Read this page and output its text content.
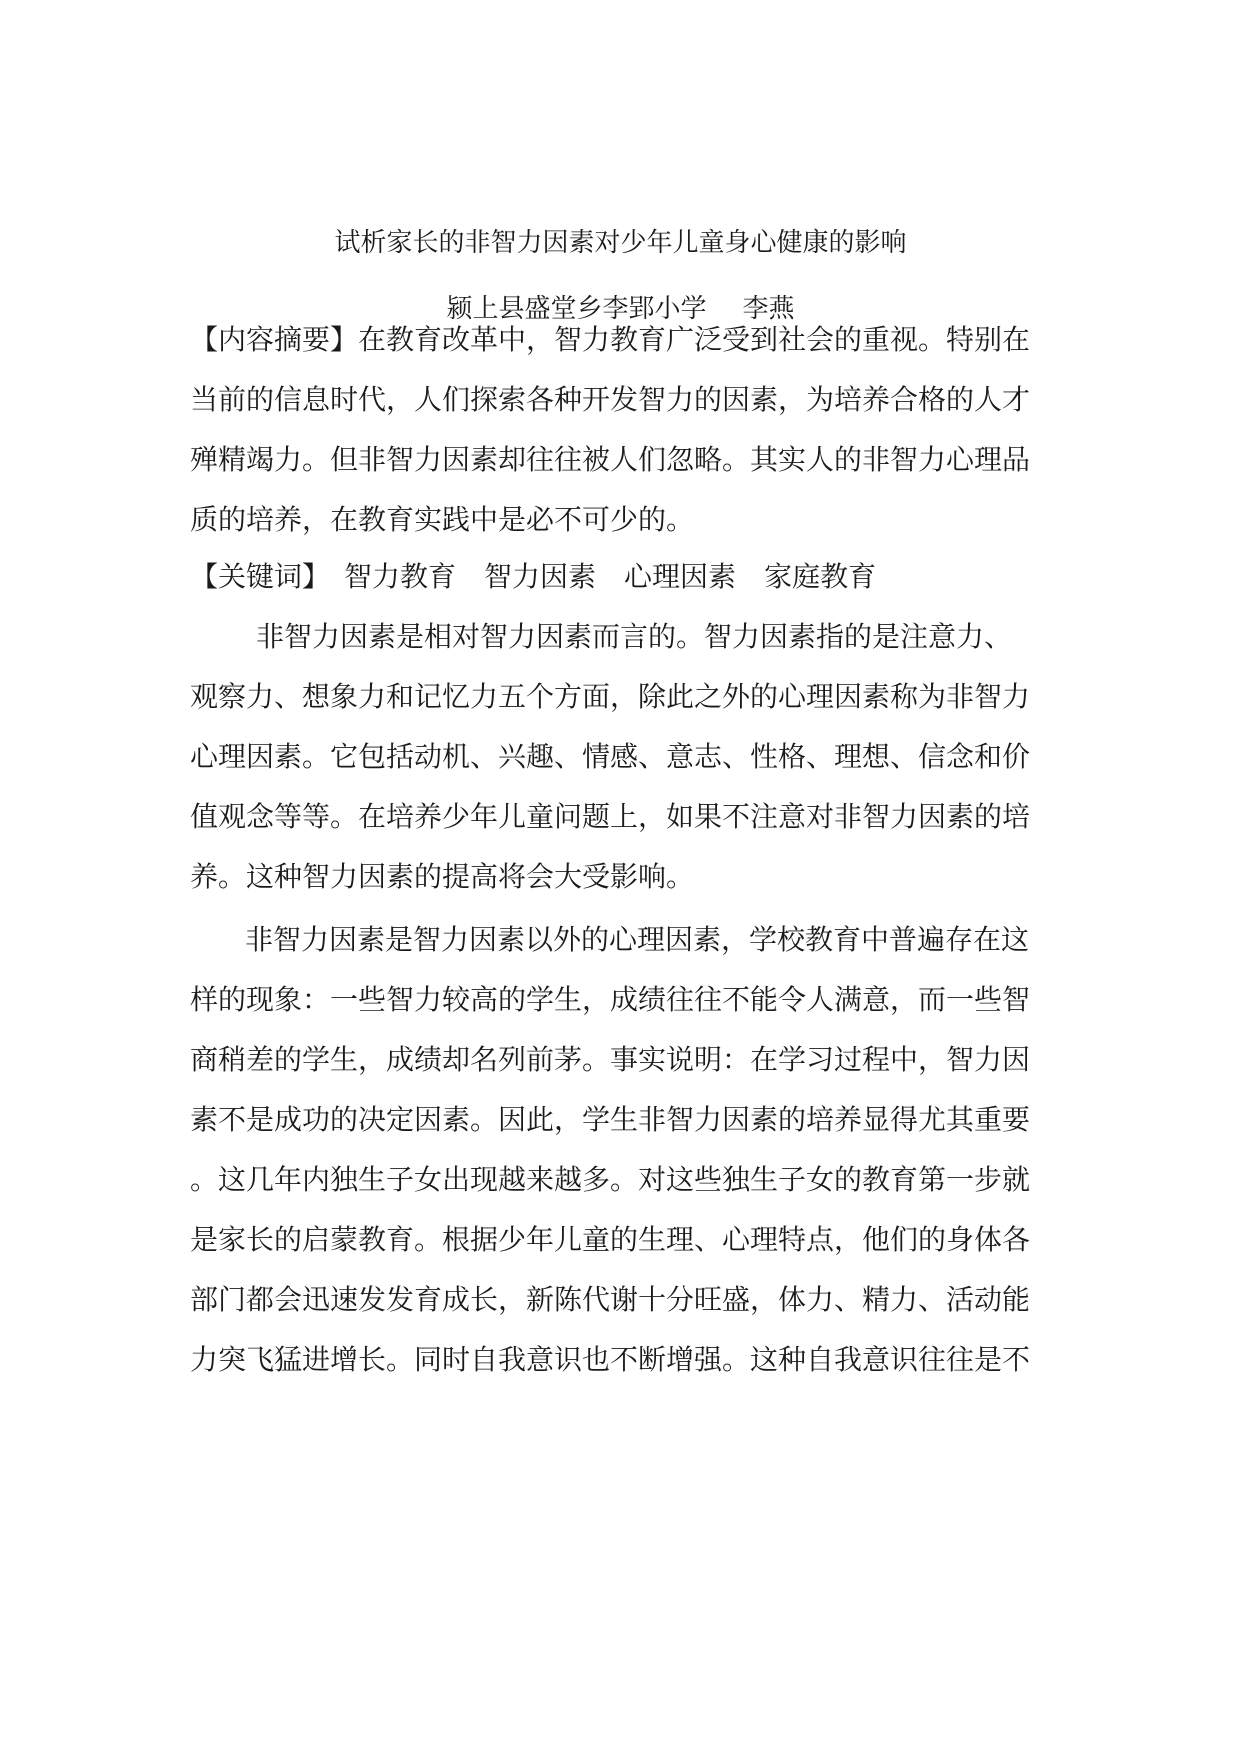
试析家长的非智力因素对少年儿童身心健康的影响
颍上县盛堂乡李郢小学 李燕
【内容摘要】在教育改革中，智力教育广泛受到社会的重视。特别在
当前的信息时代，人们探索各种开发智力的因素，为培养合格的人才
殚精竭力。但非智力因素却往往被人们忽略。其实人的非智力心理品
质的培养，在教育实践中是必不可少的。
【关键词】 智力教育 智力因素 心理因素 家庭教育
非智力因素是相对智力因素而言的。智力因素指的是注意力、
观察力、想象力和记忆力五个方面，除此之外的心理因素称为非智力
心理因素。它包括动机、兴趣、情感、意志、性格、理想、信念和价
值观念等等。在培养少年儿童问题上，如果不注意对非智力因素的培
养。这种智力因素的提高将会大受影响。
非智力因素是智力因素以外的心理因素，学校教育中普遍存在这
样的现象：一些智力较高的学生，成绩往往不能令人满意，而一些智
商稍差的学生，成绩却名列前茅。事实说明：在学习过程中，智力因
素不是成功的决定因素。因此，学生非智力因素的培养显得尤其重要
。这几年内独生子女出现越来越多。对这些独生子女的教育第一步就
是家长的启蒙教育。根据少年儿童的生理、心理特点，他们的身体各
部门都会迅速发发育成长，新陈代谢十分旺盛，体力、精力、活动能
力突飞猛进增长。同时自我意识也不断增强。这种自我意识往往是不
